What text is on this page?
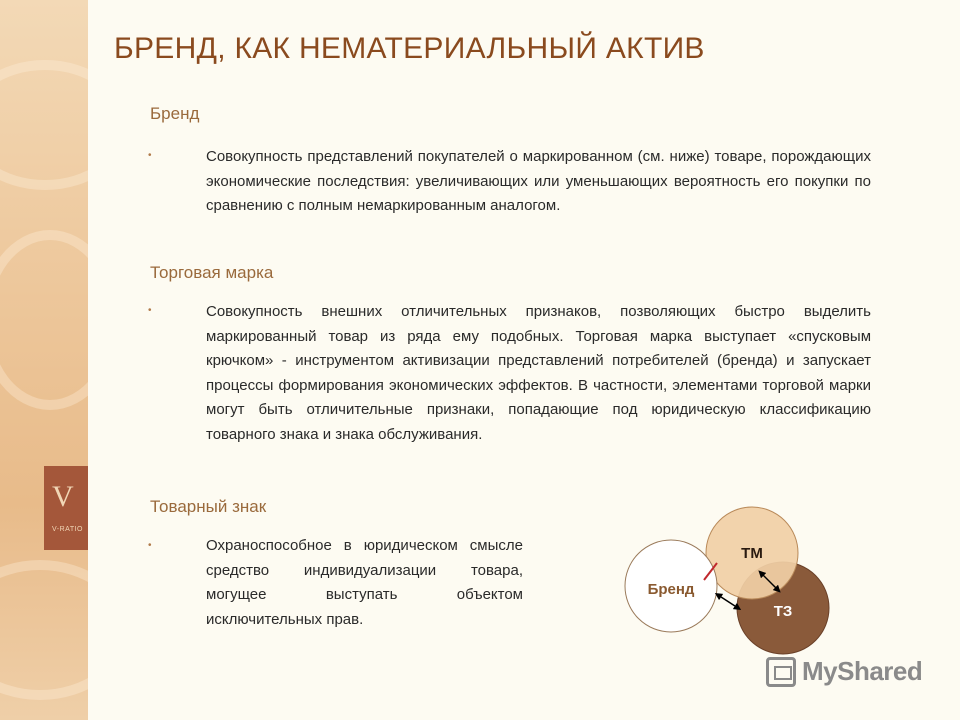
V
V-RATIO
БРЕНД, КАК НЕМАТЕРИАЛЬНЫЙ АКТИВ
Бренд
•	Совокупность представлений покупателей о маркированном (см. ниже) товаре, порождающих экономические последствия: увеличивающих или уменьшающих вероятность его покупки по сравнению с полным немаркированным аналогом.
Торговая марка
•	Совокупность внешних отличительных признаков, позволяющих быстро выделить маркированный товар из ряда ему подобных. Торговая марка выступает «спусковым крючком» - инструментом активизации представлений потребителей (бренда) и запускает процессы формирования экономических эффектов. В частности, элементами торговой марки могут быть отличительные признаки, попадающие под юридическую классификацию товарного знака и знака обслуживания.
Товарный знак
•	Охраноспособное в юридическом смысле средство индивидуализации товара, могущее выступать объектом исключительных прав.
ТМ
ТЗ
Бренд
MyShared
